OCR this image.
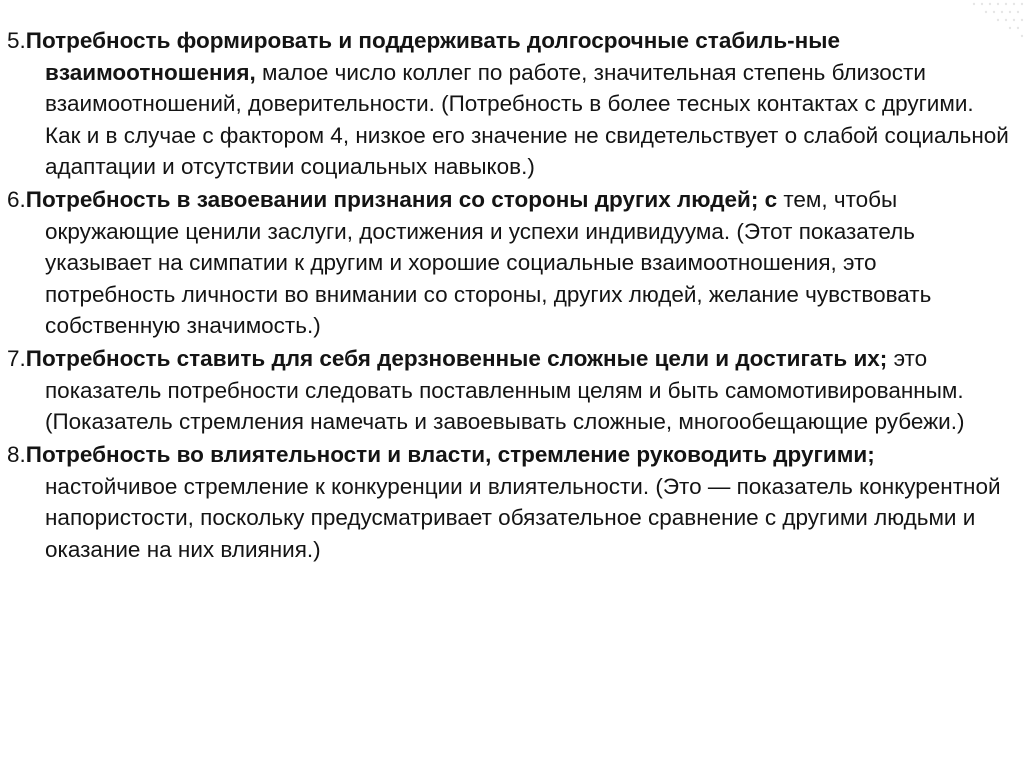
5.Потребность формировать и поддерживать долгосрочные стабиль-ные взаимоотношения, малое число коллег по работе, значительная степень близости взаимоотношений, доверительности. (Потребность в более тесных контактах с другими. Как и в случае с фактором 4, низкое его значение не свидетельствует о слабой социальной адаптации и отсутствии социальных навыков.)

6.Потребность в завоевании признания со стороны других людей; с тем, чтобы окружающие ценили заслуги, достижения и успехи индивидуума. (Этот показатель указывает на симпатии к другим и хорошие социальные взаимоотношения, это потребность личности во внимании со стороны, других людей, желание чувствовать собственную значимость.)

7.Потребность ставить для себя дерзновенные сложные цели и достигать их; это показатель потребности следовать поставленным целям и быть самомотивированным. (Показатель стремления намечать и завоевывать сложные, многообещающие рубежи.)

8.Потребность во влиятельности и власти, стремление руководить другими; настойчивое стремление к конкуренции и влиятельности. (Это — показатель конкурентной напористости, поскольку предусматривает обязательное сравнение с другими людьми и оказание на них влияния.)
